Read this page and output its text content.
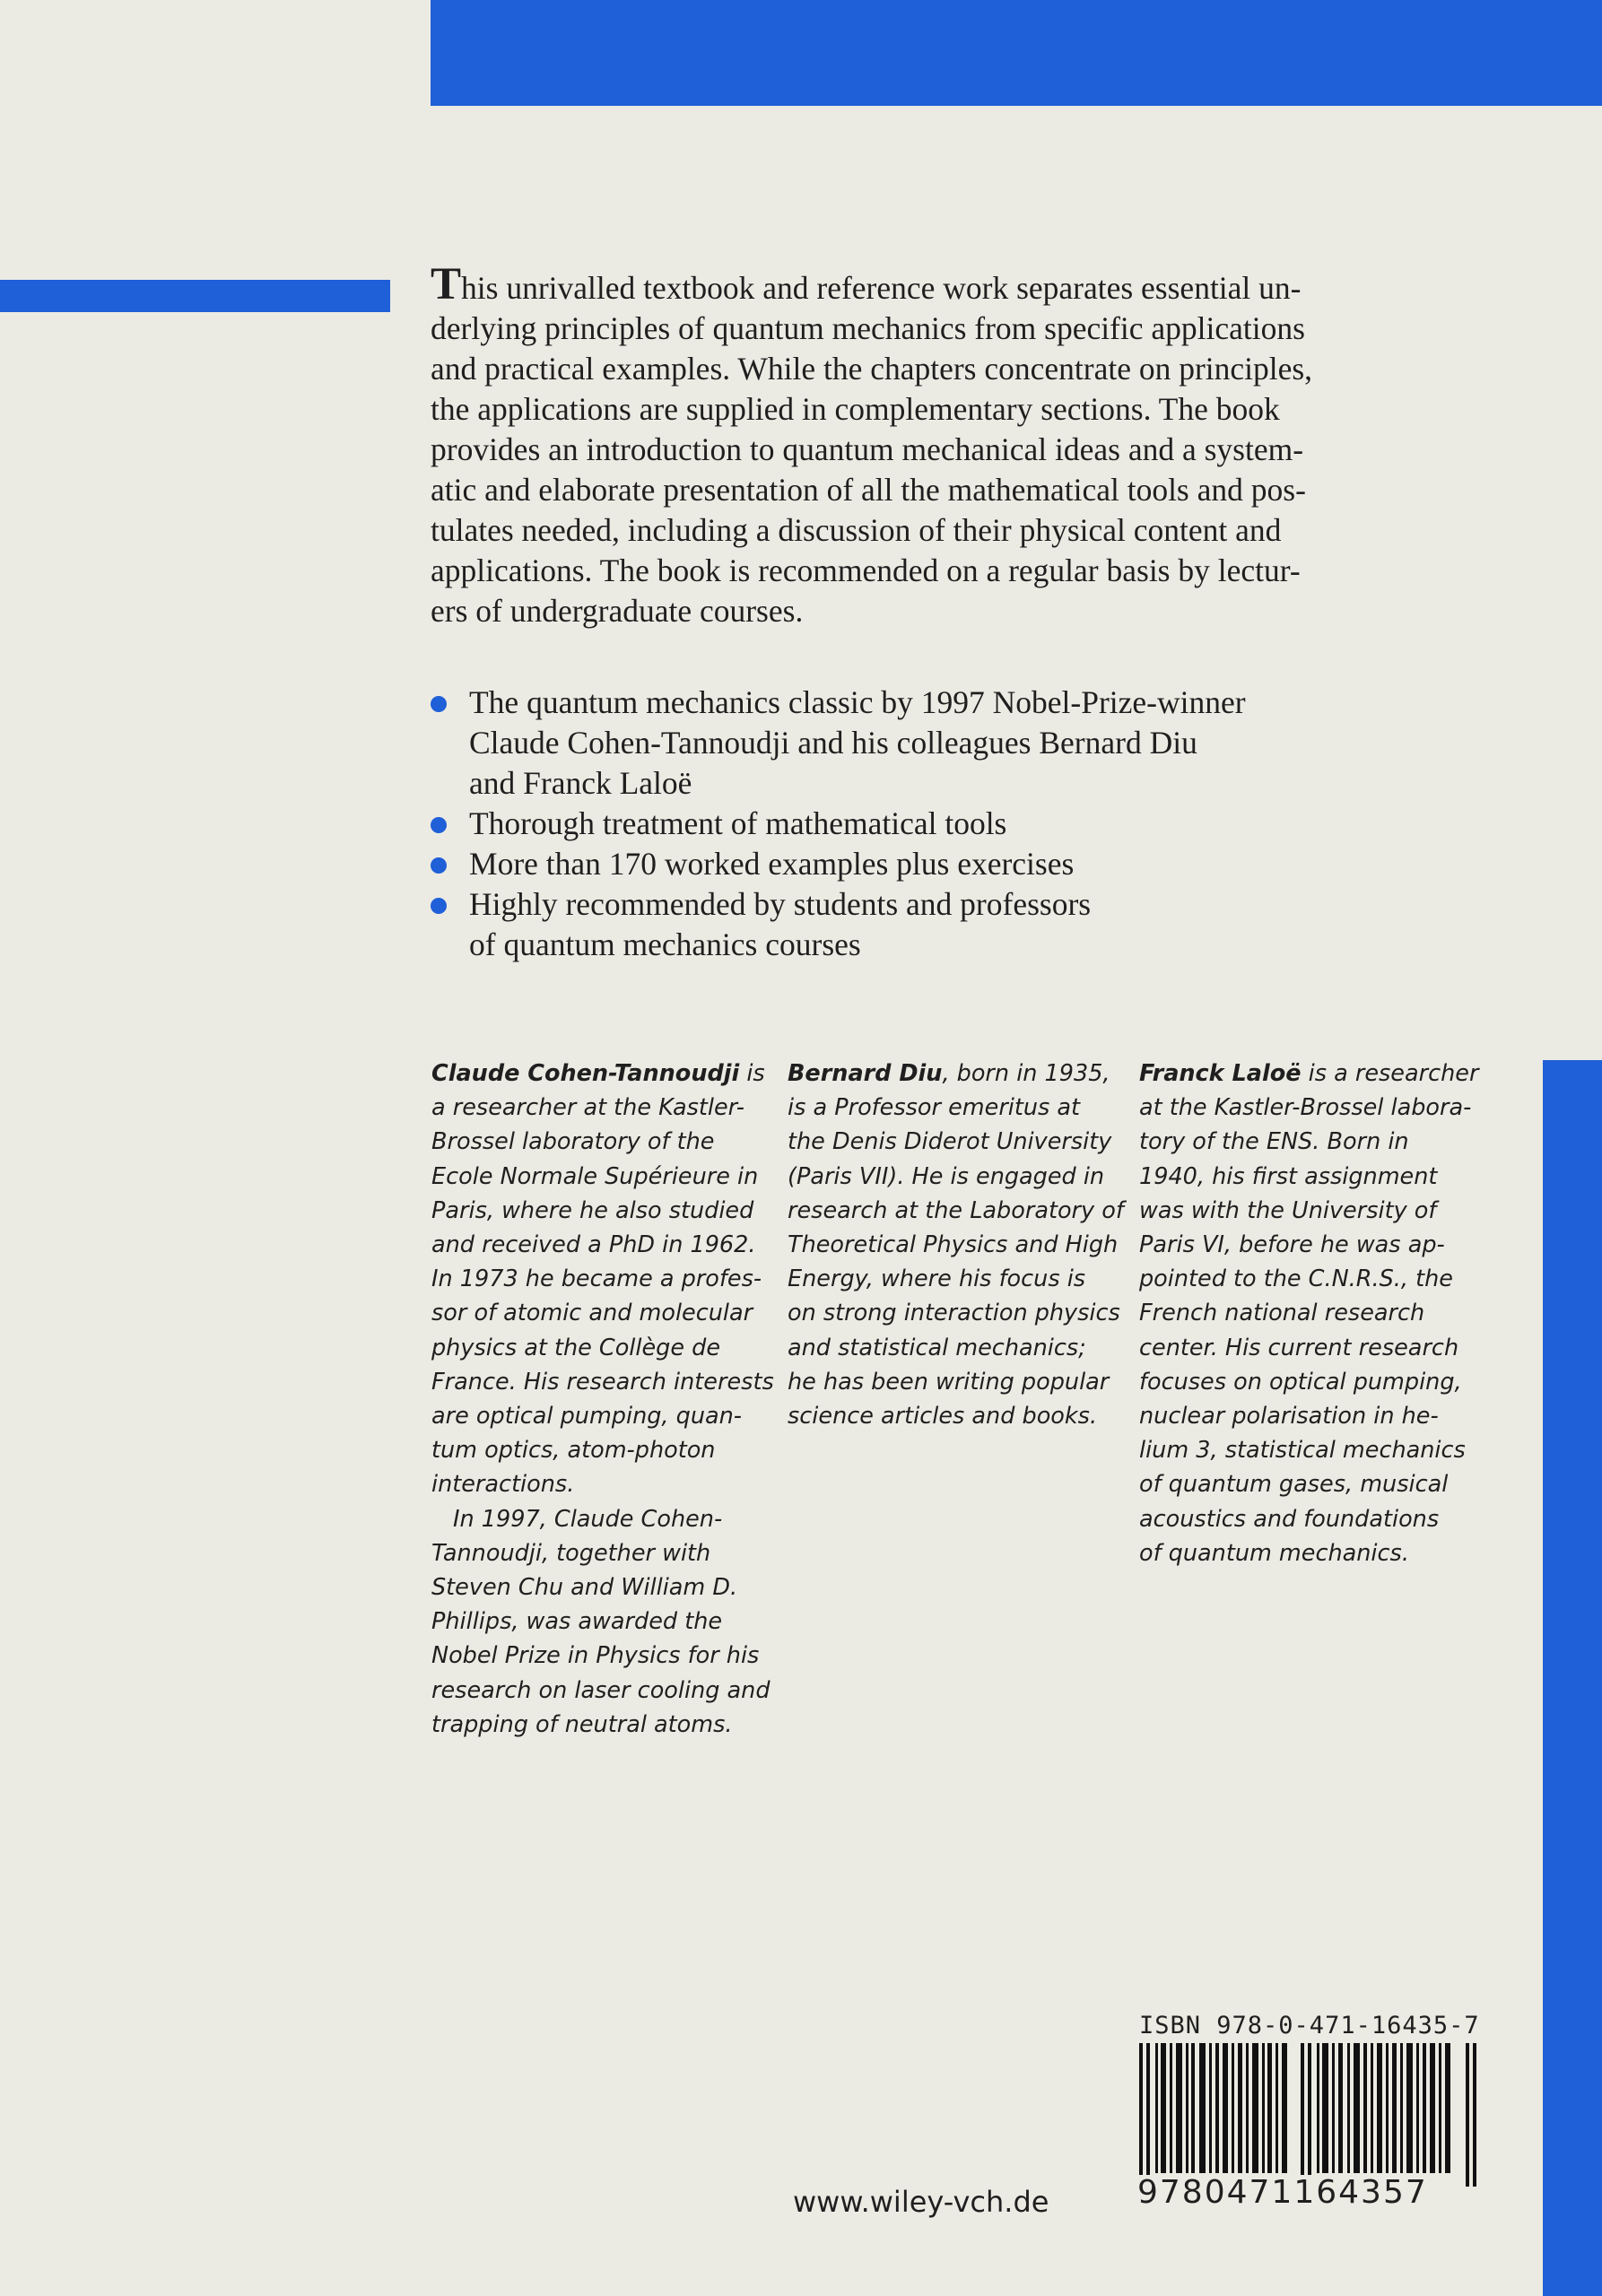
This unrivalled textbook and reference work separates essential un-
derlying principles of quantum mechanics from specific applications
and practical examples. While the chapters concentrate on principles,
the applications are supplied in complementary sections. The book
provides an introduction to quantum mechanical ideas and a system-
atic and elaborate presentation of all the mathematical tools and pos-
tulates needed, including a discussion of their physical content and
applications. The book is recommended on a regular basis by lectur-
ers of undergraduate courses.
The quantum mechanics classic by 1997 Nobel-Prize-winner
Claude Cohen-Tannoudji and his colleagues Bernard Diu
and Franck Laloë
Thorough treatment of mathematical tools
More than 170 worked examples plus exercises
Highly recommended by students and professors
of quantum mechanics courses
Claude Cohen-Tannoudji is
a researcher at the Kastler-
Brossel laboratory of the
Ecole Normale Supérieure in
Paris, where he also studied
and received a PhD in 1962.
In 1973 he became a profes-
sor of atomic and molecular
physics at the Collège de
France. His research interests
are optical pumping, quan-
tum optics, atom-photon
interactions.
In 1997, Claude Cohen-
Tannoudji, together with
Steven Chu and William D.
Phillips, was awarded the
Nobel Prize in Physics for his
research on laser cooling and
trapping of neutral atoms.
Bernard Diu, born in 1935,
is a Professor emeritus at
the Denis Diderot University
(Paris VII). He is engaged in
research at the Laboratory of
Theoretical Physics and High
Energy, where his focus is
on strong interaction physics
and statistical mechanics;
he has been writing popular
science articles and books.
Franck Laloë is a researcher
at the Kastler-Brossel labora-
tory of the ENS. Born in
1940, his first assignment
was with the University of
Paris VI, before he was ap-
pointed to the C.N.R.S., the
French national research
center. His current research
focuses on optical pumping,
nuclear polarisation in he-
lium 3, statistical mechanics
of quantum gases, musical
acoustics and foundations
of quantum mechanics.
ISBN 978-0-471-16435-7
9780471164357
www.wiley-vch.de
